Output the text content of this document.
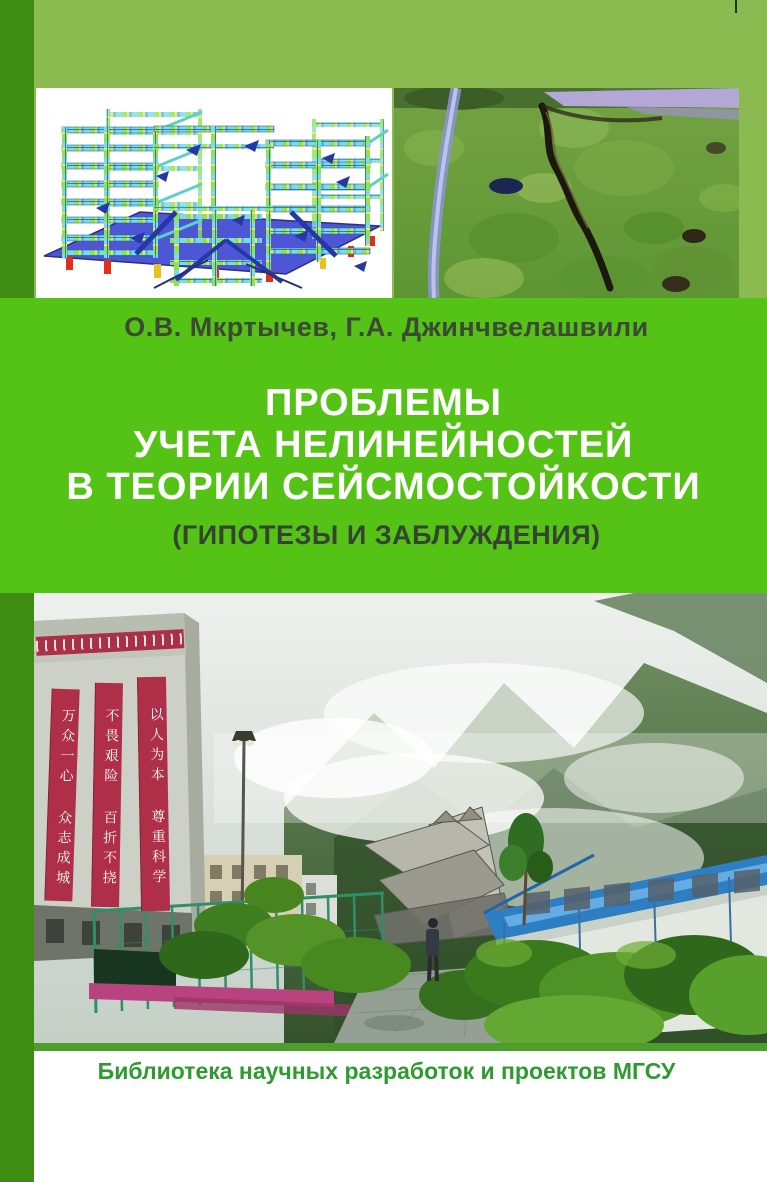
О.В. Мкртычев, Г.А. Джинчвелашвили
ПРОБЛЕМЫ
УЧЕТА НЕЛИНЕЙНОСТЕЙ
В ТЕОРИИ СЕЙСМОСТОЙКОСТИ
(ГИПОТЕЗЫ И ЗАБЛУЖДЕНИЯ)
万众一心 众志成城	不畏艰险 百折不挠	以人为本 尊重科学
Библиотека научных разработок и проектов МГСУ
